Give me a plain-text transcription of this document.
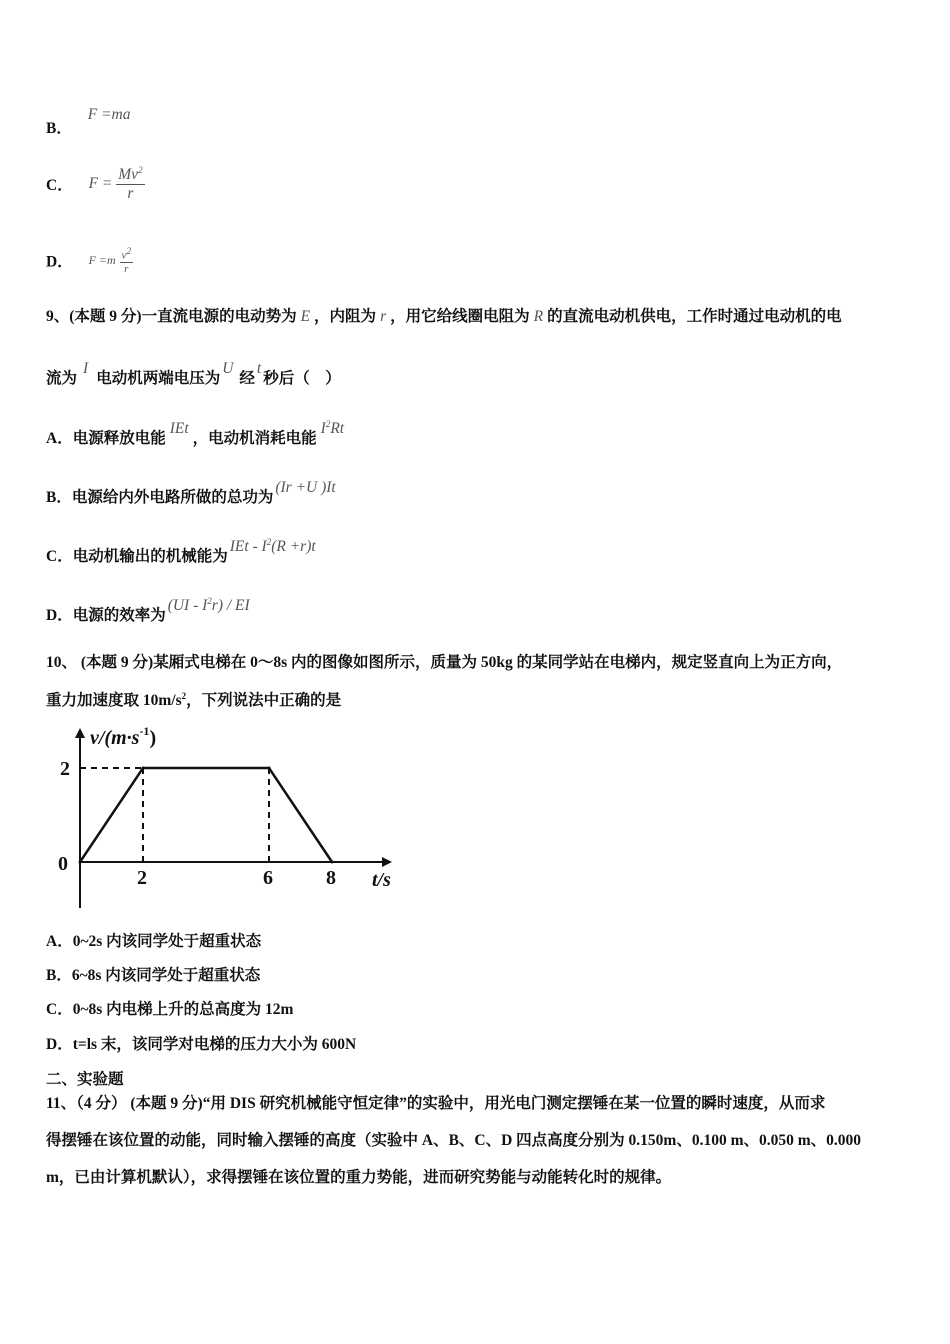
B． F =ma
C． $F = \frac{Mv^2}{r}$
D． $F =m \frac{v^2}{r}$
9、(本题 9 分)一直流电源的电动势为 E ，内阻为 r ，用它给线圈电阻为 R 的直流电动机供电，工作时通过电动机的电
流为I电动机两端电压为U经t秒后（　）
A．电源释放电能IEt，电动机消耗电能$I^2Rt$
B．电源给内外电路所做的总功为(Ir +U )It
C．电动机输出的机械能为IEt - $I^2(R +r)t$
D．电源的效率为$(UI - I^2r)$ / EI
10、 (本题 9 分)某厢式电梯在 0～8s 内的图像如图所示，质量为 50kg 的某同学站在电梯内，规定竖直向上为正方向，
重力加速度取 $10m/s^2$，下列说法中正确的是
$v/(m\cdot s^{-1})$
t/s
0
2	6	8
2
A．0~2s 内该同学处于超重状态
B．6~8s 内该同学处于超重状态
C．0~8s 内电梯上升的总高度为 12m
D．t=ls 末，该同学对电梯的压力大小为 600N
二、实验题
11、（4 分） (本题 9 分)“用 DIS 研究机械能守恒定律”的实验中，用光电门测定摆锤在某一位置的瞬时速度，从而求
得摆锤在该位置的动能，同时输入摆锤的高度（实验中 A、B、C、D 四点高度分别为 0.150m、0.100 m、0.050 m、0.000
m，已由计算机默认），求得摆锤在该位置的重力势能，进而研究势能与动能转化时的规律。
